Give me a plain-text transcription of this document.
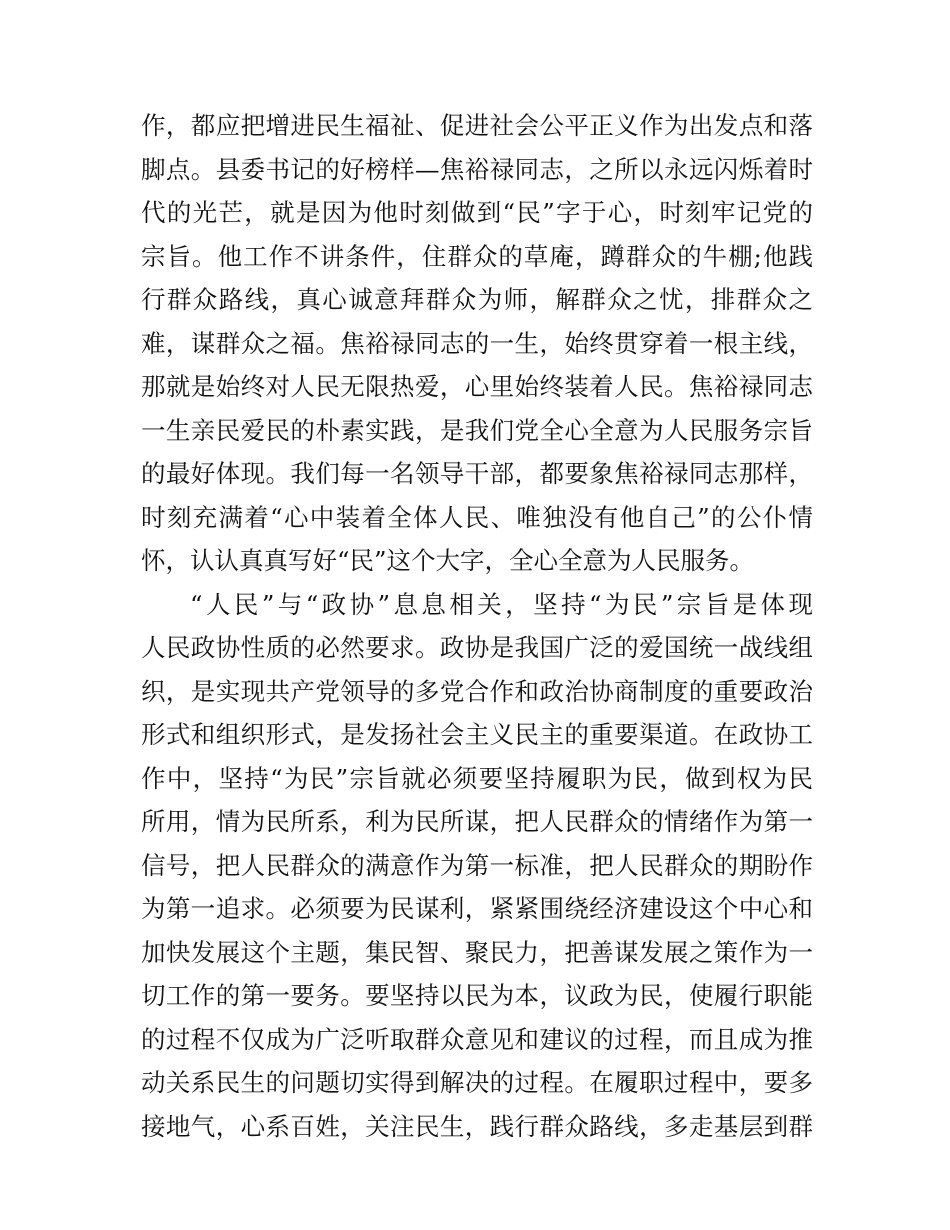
作，都应把增进民生福祉、促进社会公平正义作为出发点和落
脚点。县委书记的好榜样—焦裕禄同志，之所以永远闪烁着时
代的光芒，就是因为他时刻做到“民”字于心，时刻牢记党的
宗旨。他工作不讲条件，住群众的草庵，蹲群众的牛棚;他践
行群众路线，真心诚意拜群众为师，解群众之忧，排群众之
难，谋群众之福。焦裕禄同志的一生，始终贯穿着一根主线，
那就是始终对人民无限热爱，心里始终装着人民。焦裕禄同志
一生亲民爱民的朴素实践，是我们党全心全意为人民服务宗旨
的最好体现。我们每一名领导干部，都要象焦裕禄同志那样，
时刻充满着“心中装着全体人民、唯独没有他自己”的公仆情
怀，认认真真写好“民”这个大字，全心全意为人民服务。
“人民”与“政协”息息相关，坚持“为民”宗旨是体现
人民政协性质的必然要求。政协是我国广泛的爱国统一战线组
织，是实现共产党领导的多党合作和政治协商制度的重要政治
形式和组织形式，是发扬社会主义民主的重要渠道。在政协工
作中，坚持“为民”宗旨就必须要坚持履职为民，做到权为民
所用，情为民所系，利为民所谋，把人民群众的情绪作为第一
信号，把人民群众的满意作为第一标准，把人民群众的期盼作
为第一追求。必须要为民谋利，紧紧围绕经济建设这个中心和
加快发展这个主题，集民智、聚民力，把善谋发展之策作为一
切工作的第一要务。要坚持以民为本，议政为民，使履行职能
的过程不仅成为广泛听取群众意见和建议的过程，而且成为推
动关系民生的问题切实得到解决的过程。在履职过程中，要多
接地气，心系百姓，关注民生，践行群众路线，多走基层到群
